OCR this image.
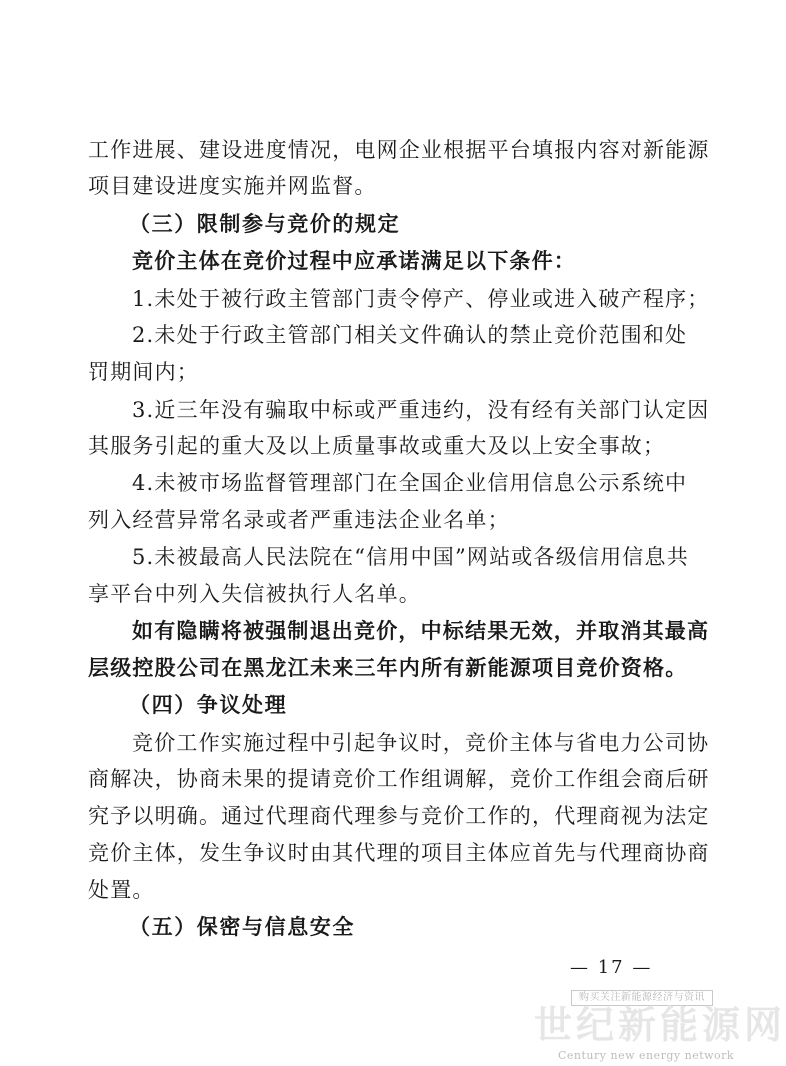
工作进展、建设进度情况，电网企业根据平台填报内容对新能源
项目建设进度实施并网监督。
（三）限制参与竞价的规定
竞价主体在竞价过程中应承诺满足以下条件：
1.未处于被行政主管部门责令停产、停业或进入破产程序；
2.未处于行政主管部门相关文件确认的禁止竞价范围和处
罚期间内；
3.近三年没有骗取中标或严重违约，没有经有关部门认定因
其服务引起的重大及以上质量事故或重大及以上安全事故；
4.未被市场监督管理部门在全国企业信用信息公示系统中
列入经营异常名录或者严重违法企业名单；
5.未被最高人民法院在“信用中国”网站或各级信用信息共
享平台中列入失信被执行人名单。
如有隐瞒将被强制退出竞价，中标结果无效，并取消其最高
层级控股公司在黑龙江未来三年内所有新能源项目竞价资格。
（四）争议处理
竞价工作实施过程中引起争议时，竞价主体与省电力公司协
商解决，协商未果的提请竞价工作组调解，竞价工作组会商后研
究予以明确。通过代理商代理参与竞价工作的，代理商视为法定
竞价主体，发生争议时由其代理的项目主体应首先与代理商协商
处置。
（五）保密与信息安全
— 17 —
购买关注新能源经济与资讯
世纪新能源网
Century new energy network
